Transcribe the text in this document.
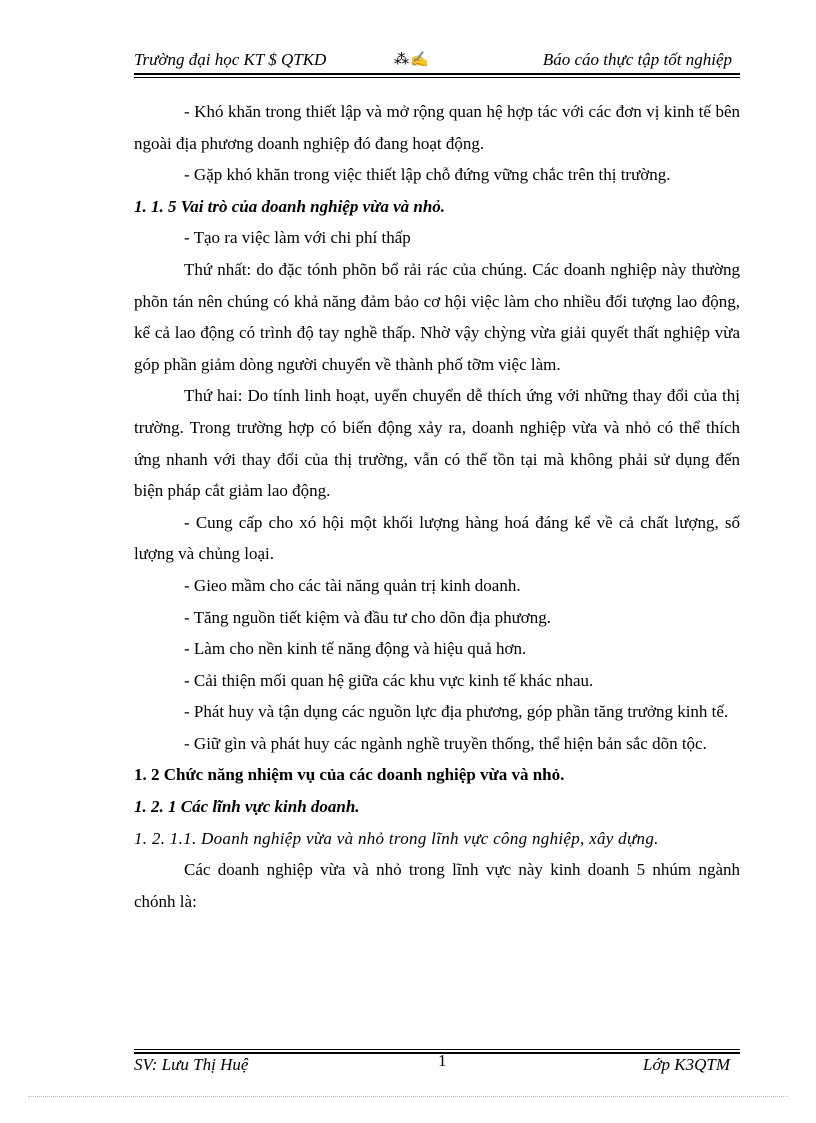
Trường đại học KT $ QTKD	⁂✍	Báo cáo thực tập tốt nghiệp

- Khó khăn trong thiết lập và mở rộng quan hệ hợp tác với các đơn vị kinh tế bên ngoài địa phương doanh nghiệp đó đang hoạt động.

- Gặp khó khăn trong việc thiết lập chỗ đứng vững chắc trên thị trường.

1. 1. 5 Vai trò của doanh nghiệp vừa và nhỏ.

- Tạo ra việc làm với chi phí thấp

Thứ nhất: do đặc tónh phõn bổ rải rác của chúng. Các doanh nghiệp này thường phõn tán nên chúng có khả năng đảm bảo cơ hội việc làm cho nhiều đối tượng lao động, kể cả lao động có trình độ tay nghề thấp. Nhờ vậy chỳng vừa giải quyết thất nghiệp vừa góp phần giảm dòng người chuyển về thành phố tỡm việc làm.

Thứ hai: Do tính linh hoạt, uyển chuyển dễ thích ứng với những thay đổi của thị trường. Trong trường hợp có biến động xảy ra, doanh nghiệp vừa và nhỏ có thể thích ứng nhanh với thay đổi của thị trường, vẫn có thể tồn tại mà không phải sử dụng đến biện pháp cắt giảm lao động.

- Cung cấp cho xó hội một khối lượng hàng hoá đáng kể về cả chất lượng, số lượng và chủng loại.

- Gieo mầm cho các tài năng quản trị kinh doanh.

- Tăng nguồn tiết kiệm và đầu tư cho dõn địa phương.

- Làm cho nền kinh tế năng động và hiệu quả hơn.

- Cải thiện mối quan hệ giữa các khu vực kinh tế khác nhau.

- Phát huy và tận dụng các nguồn lực địa phương, góp phần tăng trưởng kinh tế.

- Giữ gìn và phát huy các ngành nghề truyền thống, thể hiện bản sắc dõn tộc.

1. 2 Chức năng nhiệm vụ của các doanh nghiệp vừa và nhỏ.

1. 2. 1 Các lĩnh vực kinh doanh.

1. 2. 1.1. Doanh nghiệp vừa và nhỏ trong lĩnh vực công nghiệp, xây dựng.

Các doanh nghiệp vừa và nhỏ trong lĩnh vực này kinh doanh 5 nhúm ngành chónh là:

SV: Lưu Thị Huệ	1	Lớp K3QTM
